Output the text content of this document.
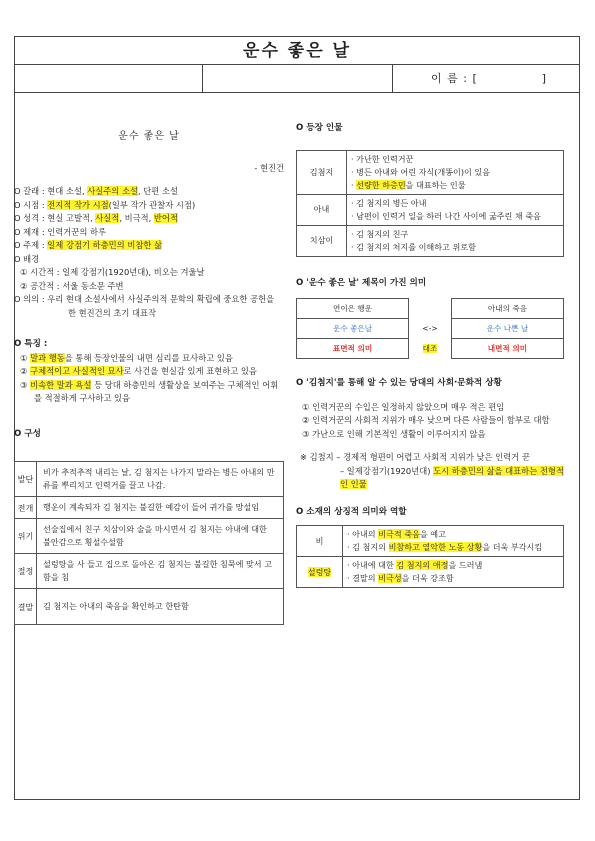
운수 좋은 날
이 름 : [	]
운수 좋은 날
- 현진건
O 갈래 : 현대 소설, 사실주의 소설, 단편 소설
O 시점 : 전지적 작가 시점(일부 작가 관찰자 시점)
O 성격 : 현실 고발적, 사실적, 비극적, 반어적
O 제재 : 인력거꾼의 하루
O 주제 : 일제 강점기 하층민의 비참한 삶
O 배경
① 시간적 : 일제 강점기(1920년대), 비오는 겨울날
② 공간적 : 서울 동소문 주변
O 의의 : 우리 현대 소설사에서 사실주의적 문학의 확립에 중요한 공헌을 한 현진건의 초기 대표작
O 특징 :
① 말과 행동을 통해 등장인물의 내면 심리를 묘사하고 있음
② 구체적이고 사실적인 묘사로 사건을 현실감 있게 표현하고 있음
③ 비속한 말과 욕설 등 당대 하층민의 생활상을 보여주는 구체적인 어휘를 적절하게 구사하고 있음
O 구성
발단	비가 추적추적 내리는 날, 김 첨지는 나가지 말라는 병든 아내의 만류를 뿌리치고 인력거를 끌고 나감.
전개	행운이 계속되자 김 첨지는 불길한 예감이 들어 귀가를 망설임
위기	선술집에서 친구 치삼이와 술을 마시면서 김 첨지는 아내에 대한 불안감으로 횡설수설함
절정	설렁탕을 사 들고 집으로 돌아온 김 첨지는 불길한 침묵에 맞서 고함을 침
결말	김 첨지는 아내의 죽음을 확인하고 한탄함
O 등장 인물
김첨지	· 가난한 인력거꾼
· 병든 아내와 어린 자식(개똥이)이 있음
· 선량한 하층민을 대표하는 인물

아내	· 김 첨지의 병든 아내
· 남편이 인력거 일을 하러 나간 사이에 굶주린 채 죽음

치삼이	· 김 첨지의 친구
· 김 첨지의 처지를 이해하고 위로함
O '운수 좋은 날' 제목이 가진 의미
연이은 행운		아내의 죽음
운수 좋은날	<->	운수 나쁜 날
표면적 의미	대조	내면적 의미
O '김첨지'를 통해 알 수 있는 당대의 사회·문화적 상황
① 인력거꾼의 수입은 일정하지 않았으며 매우 적은 편임
② 인력거꾼의 사회적 지위가 매우 낮으며 다른 사람들이 함부로 대함
③ 가난으로 인해 기본적인 생활이 이루어지지 않음
※ 김첨지 – 경제적 형편이 어렵고 사회적 지위가 낮은 인력거 꾼
– 일제강점기(1920년대) 도시 하층민의 삶을 대표하는 전형적인 인물
O 소재의 상징적 의미와 역할
비	· 아내의 비극적 죽음을 예고
· 김 첨지의 비참하고 열악한 노동 상황을 더욱 부각시킴

설렁탕	· 아내에 대한 김 첨지의 애정을 드러냄
· 결말의 비극성을 더욱 강조함
